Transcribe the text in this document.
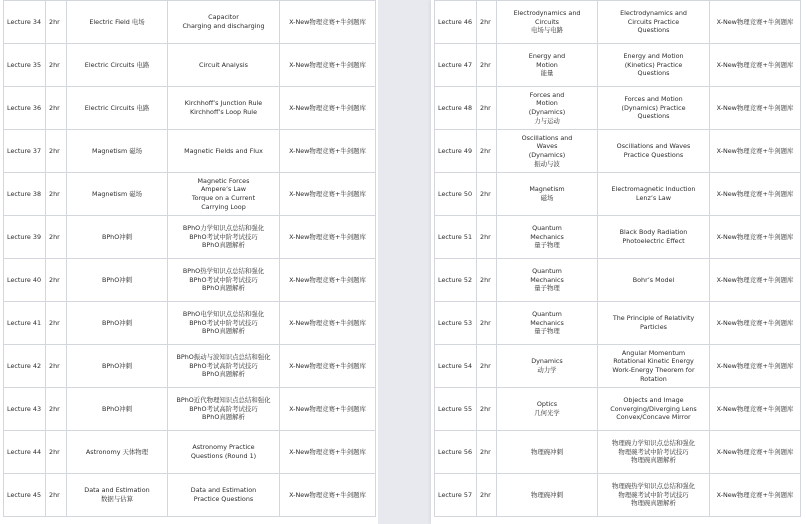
Lecture 34	2hr	Electric Field 电场	Capacitor
Charging and discharging	X-New物理竞赛+牛剑题库
Lecture 35	2hr	Electric Circuits 电路	Circuit Analysis	X-New物理竞赛+牛剑题库
Lecture 36	2hr	Electric Circuits 电路	Kirchhoff’s Junction Rule
Kirchhoff’s Loop Rule	X-New物理竞赛+牛剑题库
Lecture 37	2hr	Magnetism 磁场	Magnetic Fields and Flux	X-New物理竞赛+牛剑题库
Lecture 38	2hr	Magnetism 磁场	Magnetic Forces
Ampere’s Law
Torque on a Current
Carrying Loop	X-New物理竞赛+牛剑题库
Lecture 39	2hr	BPhO冲刺	BPhO力学知识点总结和强化
BPhO考试中阶考试技巧
BPhO真题解析	X-New物理竞赛+牛剑题库
Lecture 40	2hr	BPhO冲刺	BPhO热学知识点总结和强化
BPhO考试中阶考试技巧
BPhO真题解析	X-New物理竞赛+牛剑题库
Lecture 41	2hr	BPhO冲刺	BPhO电学知识点总结和强化
BPhO考试中阶考试技巧
BPhO真题解析	X-New物理竞赛+牛剑题库
Lecture 42	2hr	BPhO冲刺	BPhO振动与波知识点总结和强化
BPhO考试高阶考试技巧
BPhO真题解析	X-New物理竞赛+牛剑题库
Lecture 43	2hr	BPhO冲刺	BPhO近代物理知识点总结和强化
BPhO考试高阶考试技巧
BPhO真题解析	X-New物理竞赛+牛剑题库
Lecture 44	2hr	Astronomy 天体物理	Astronomy Practice
Questions (Round 1)	X-New物理竞赛+牛剑题库
Lecture 45	2hr	Data and Estimation
数据与估算	Data and Estimation
Practice Questions	X-New物理竞赛+牛剑题库
Lecture 46	2hr	Electrodynamics and
Circuits
电场与电路	Electrodynamics and
Circuits Practice
Questions	X-New物理竞赛+牛剑题库
Lecture 47	2hr	Energy and
Motion
能量	Energy and Motion
(Kinetics) Practice
Questions	X-New物理竞赛+牛剑题库
Lecture 48	2hr	Forces and
Motion
(Dynamics)
力与运动	Forces and Motion
(Dynamics) Practice
Questions	X-New物理竞赛+牛剑题库
Lecture 49	2hr	Oscillations and
Waves
(Dynamics)
振动与波	Oscillations and Waves
Practice Questions	X-New物理竞赛+牛剑题库
Lecture 50	2hr	Magnetism
磁场	Electromagnetic Induction
Lenz’s Law	X-New物理竞赛+牛剑题库
Lecture 51	2hr	Quantum
Mechanics
量子物理	Black Body Radiation
Photoelectric Effect	X-New物理竞赛+牛剑题库
Lecture 52	2hr	Quantum
Mechanics
量子物理	Bohr’s Model	X-New物理竞赛+牛剑题库
Lecture 53	2hr	Quantum
Mechanics
量子物理	The Principle of Relativity
Particles	X-New物理竞赛+牛剑题库
Lecture 54	2hr	Dynamics
动力学	Angular Momentum
Rotational Kinetic Energy
Work-Energy Theorem for
Rotation	X-New物理竞赛+牛剑题库
Lecture 55	2hr	Optics
几何光学	Objects and Image
Converging/Diverging Lens
Convex/Concave Mirror	X-New物理竞赛+牛剑题库
Lecture 56	2hr	物理碗冲刺	物理碗力学知识点总结和强化
物理碗考试中阶考试技巧
物理碗真题解析	X-New物理竞赛+牛剑题库
Lecture 57	2hr	物理碗冲刺	物理碗热学知识点总结和强化
物理碗考试中阶考试技巧
物理碗真题解析	X-New物理竞赛+牛剑题库
